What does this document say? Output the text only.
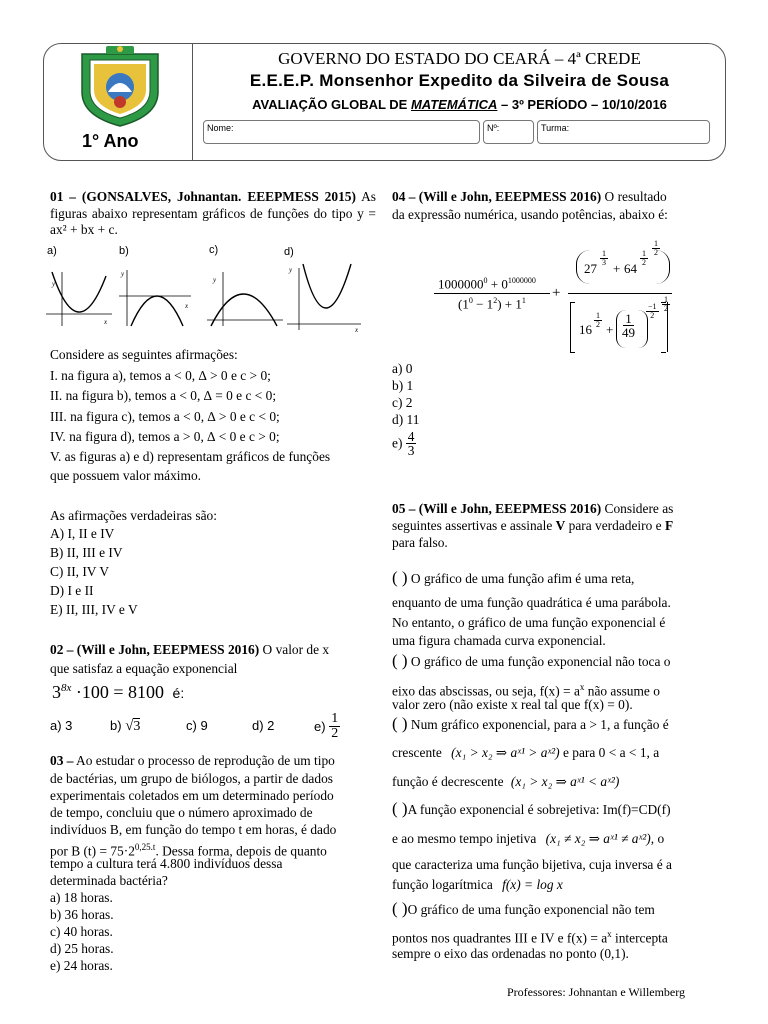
1° Ano
GOVERNO DO ESTADO DO CEARÁ – 4ª CREDE
E.E.E.P. Monsenhor Expedito da Silveira de Sousa
AVALIAÇÃO GLOBAL DE MATEMÁTICA – 3º PERÍODO – 10/10/2016
Nome:	Nº:	Turma:
01 – (GONSALVES, Johnantan. EEEPMESS 2015) As figuras abaixo representam gráficos de funções do tipo y = ax² + bx + c.
a)	b)	c)	d)
y
x
y
x
y
y
x
Considere as seguintes afirmações:
I. na figura a), temos a < 0, ∆ > 0 e c > 0;
II. na figura b), temos a < 0, ∆ = 0 e c < 0;
III. na figura c), temos a < 0, ∆ > 0 e c < 0;
IV. na figura d), temos a > 0, ∆ < 0 e c > 0;
V. as figuras a) e d) representam gráficos de funções
que possuem valor máximo.
As afirmações verdadeiras são:
A) I, II e IV
B) II, III e IV
C) II, IV V
D) I e II
E) II, III, IV e V
02 – (Will e John, EEEPMESS 2016) O valor de x
que satisfaz a equação exponencial
$3^{8x} \cdot 100 = 8100$ é:
a) 3	b) √3	c) 9	d) 2	$e) \frac{1}{2}$
03 – Ao estudar o processo de reprodução de um tipo
de bactérias, um grupo de biólogos, a partir de dados
experimentais coletados em um determinado período
de tempo, concluiu que o número aproximado de
indivíduos B, em função do tempo t em horas, é dado
por B $(t) = 75\cdot 2^{0,25.t}$. Dessa forma, depois de quanto
tempo a cultura terá 4.800 indivíduos dessa
determinada bactéria?
a) 18 horas.
b) 36 horas.
c) 40 horas.
d) 25 horas.
e) 24 horas.
04 – (Will e John, EEEPMESS 2016) O resultado
da expressão numérica, usando potências, abaixo é:
$1000000^0 + 0^{1000000}$
$(1^0 - 1^2) + 1^1$ +
27
$\frac{1}{3}$
+ 64
$\frac{1}{2}$
$\frac{1}{2}$
16
$\frac{1}{2}$
+ $\frac{1}{49}$
$\frac{-1}{2} \frac{1}{2}$
a) 0
b) 1
c) 2
d) 11
$e) \frac{4}{3}$
05 – (Will e John, EEEPMESS 2016) Considere as
seguintes assertivas e assinale V para verdadeiro e F
para falso.
( ) O gráfico de uma função afim é uma reta,
enquanto de uma função quadrática é uma parábola.
No entanto, o gráfico de uma função exponencial é
uma figura chamada curva exponencial.
( ) O gráfico de uma função exponencial não toca o
eixo das abscissas, ou seja, $f(x) = a^x$ não assume o
valor zero (não existe x real tal que f(x) = 0).
( ) Num gráfico exponencial, para a > 1, a função é
crescente (x₁ > x₂ ⇒ aˣ¹ > aˣ²) e para 0 < a < 1, a
função é decrescente (x₁ > x₂ ⇒ aˣ¹ < aˣ²)
( )A função exponencial é sobrejetiva: Im(f)=CD(f)
e ao mesmo tempo injetiva (x₁ ≠ x₂ ⇒ aˣ¹ ≠ aˣ²), o
que caracteriza uma função bijetiva, cuja inversa é a
função logarítmica f(x) = log x
( )O gráfico de uma função exponencial não tem
pontos nos quadrantes III e IV e $f(x) = a^x$ intercepta
sempre o eixo das ordenadas no ponto (0,1).
Professores: Johnantan e Willemberg
